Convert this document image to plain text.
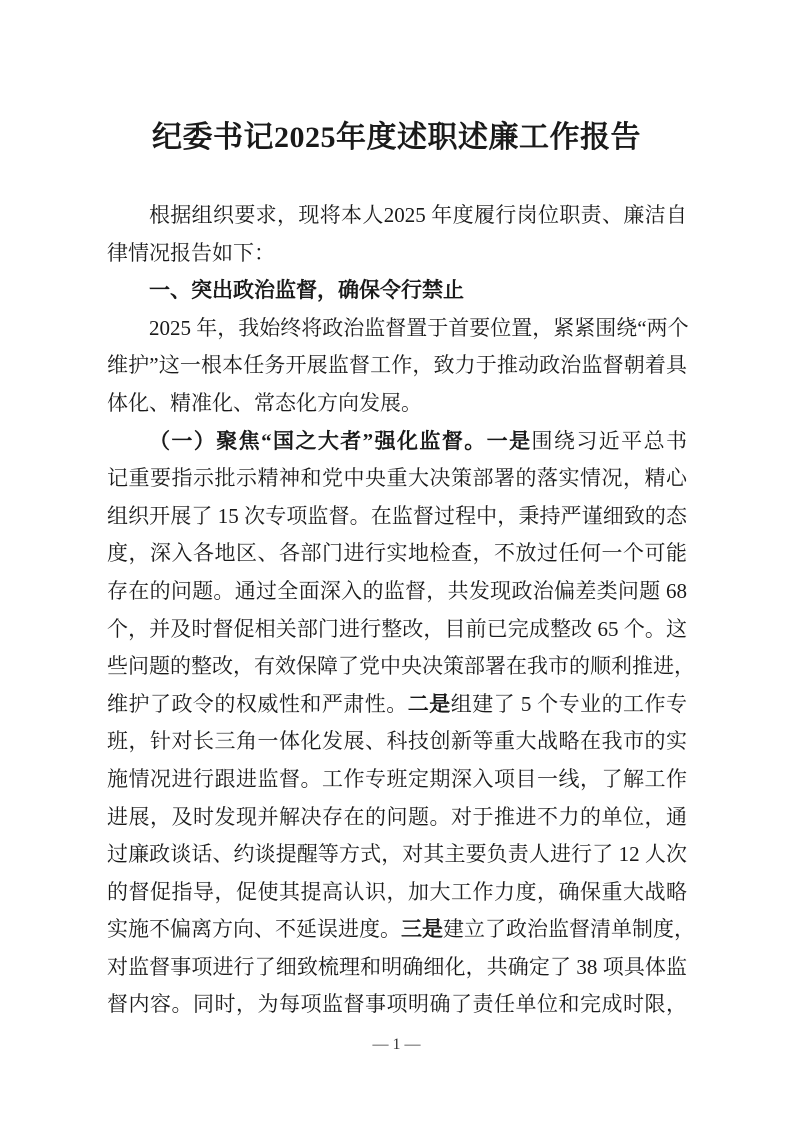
纪委书记2025年度述职述廉工作报告
根据组织要求，现将本人2025 年度履行岗位职责、廉洁自
律情况报告如下：
一、突出政治监督，确保令行禁止
2025 年，我始终将政治监督置于首要位置，紧紧围绕“两个
维护”这一根本任务开展监督工作，致力于推动政治监督朝着具
体化、精准化、常态化方向发展。
（一）聚焦“国之大者”强化监督。一是围绕习近平总书
记重要指示批示精神和党中央重大决策部署的落实情况，精心
组织开展了 15 次专项监督。在监督过程中，秉持严谨细致的态
度，深入各地区、各部门进行实地检查，不放过任何一个可能
存在的问题。通过全面深入的监督，共发现政治偏差类问题 68
个，并及时督促相关部门进行整改，目前已完成整改 65 个。这
些问题的整改，有效保障了党中央决策部署在我市的顺利推进，
维护了政令的权威性和严肃性。二是组建了 5 个专业的工作专
班，针对长三角一体化发展、科技创新等重大战略在我市的实
施情况进行跟进监督。工作专班定期深入项目一线，了解工作
进展，及时发现并解决存在的问题。对于推进不力的单位，通
过廉政谈话、约谈提醒等方式，对其主要负责人进行了 12 人次
的督促指导，促使其提高认识，加大工作力度，确保重大战略
实施不偏离方向、不延误进度。三是建立了政治监督清单制度，
对监督事项进行了细致梳理和明确细化，共确定了 38 项具体监
督内容。同时，为每项监督事项明确了责任单位和完成时限，
— 1 —
